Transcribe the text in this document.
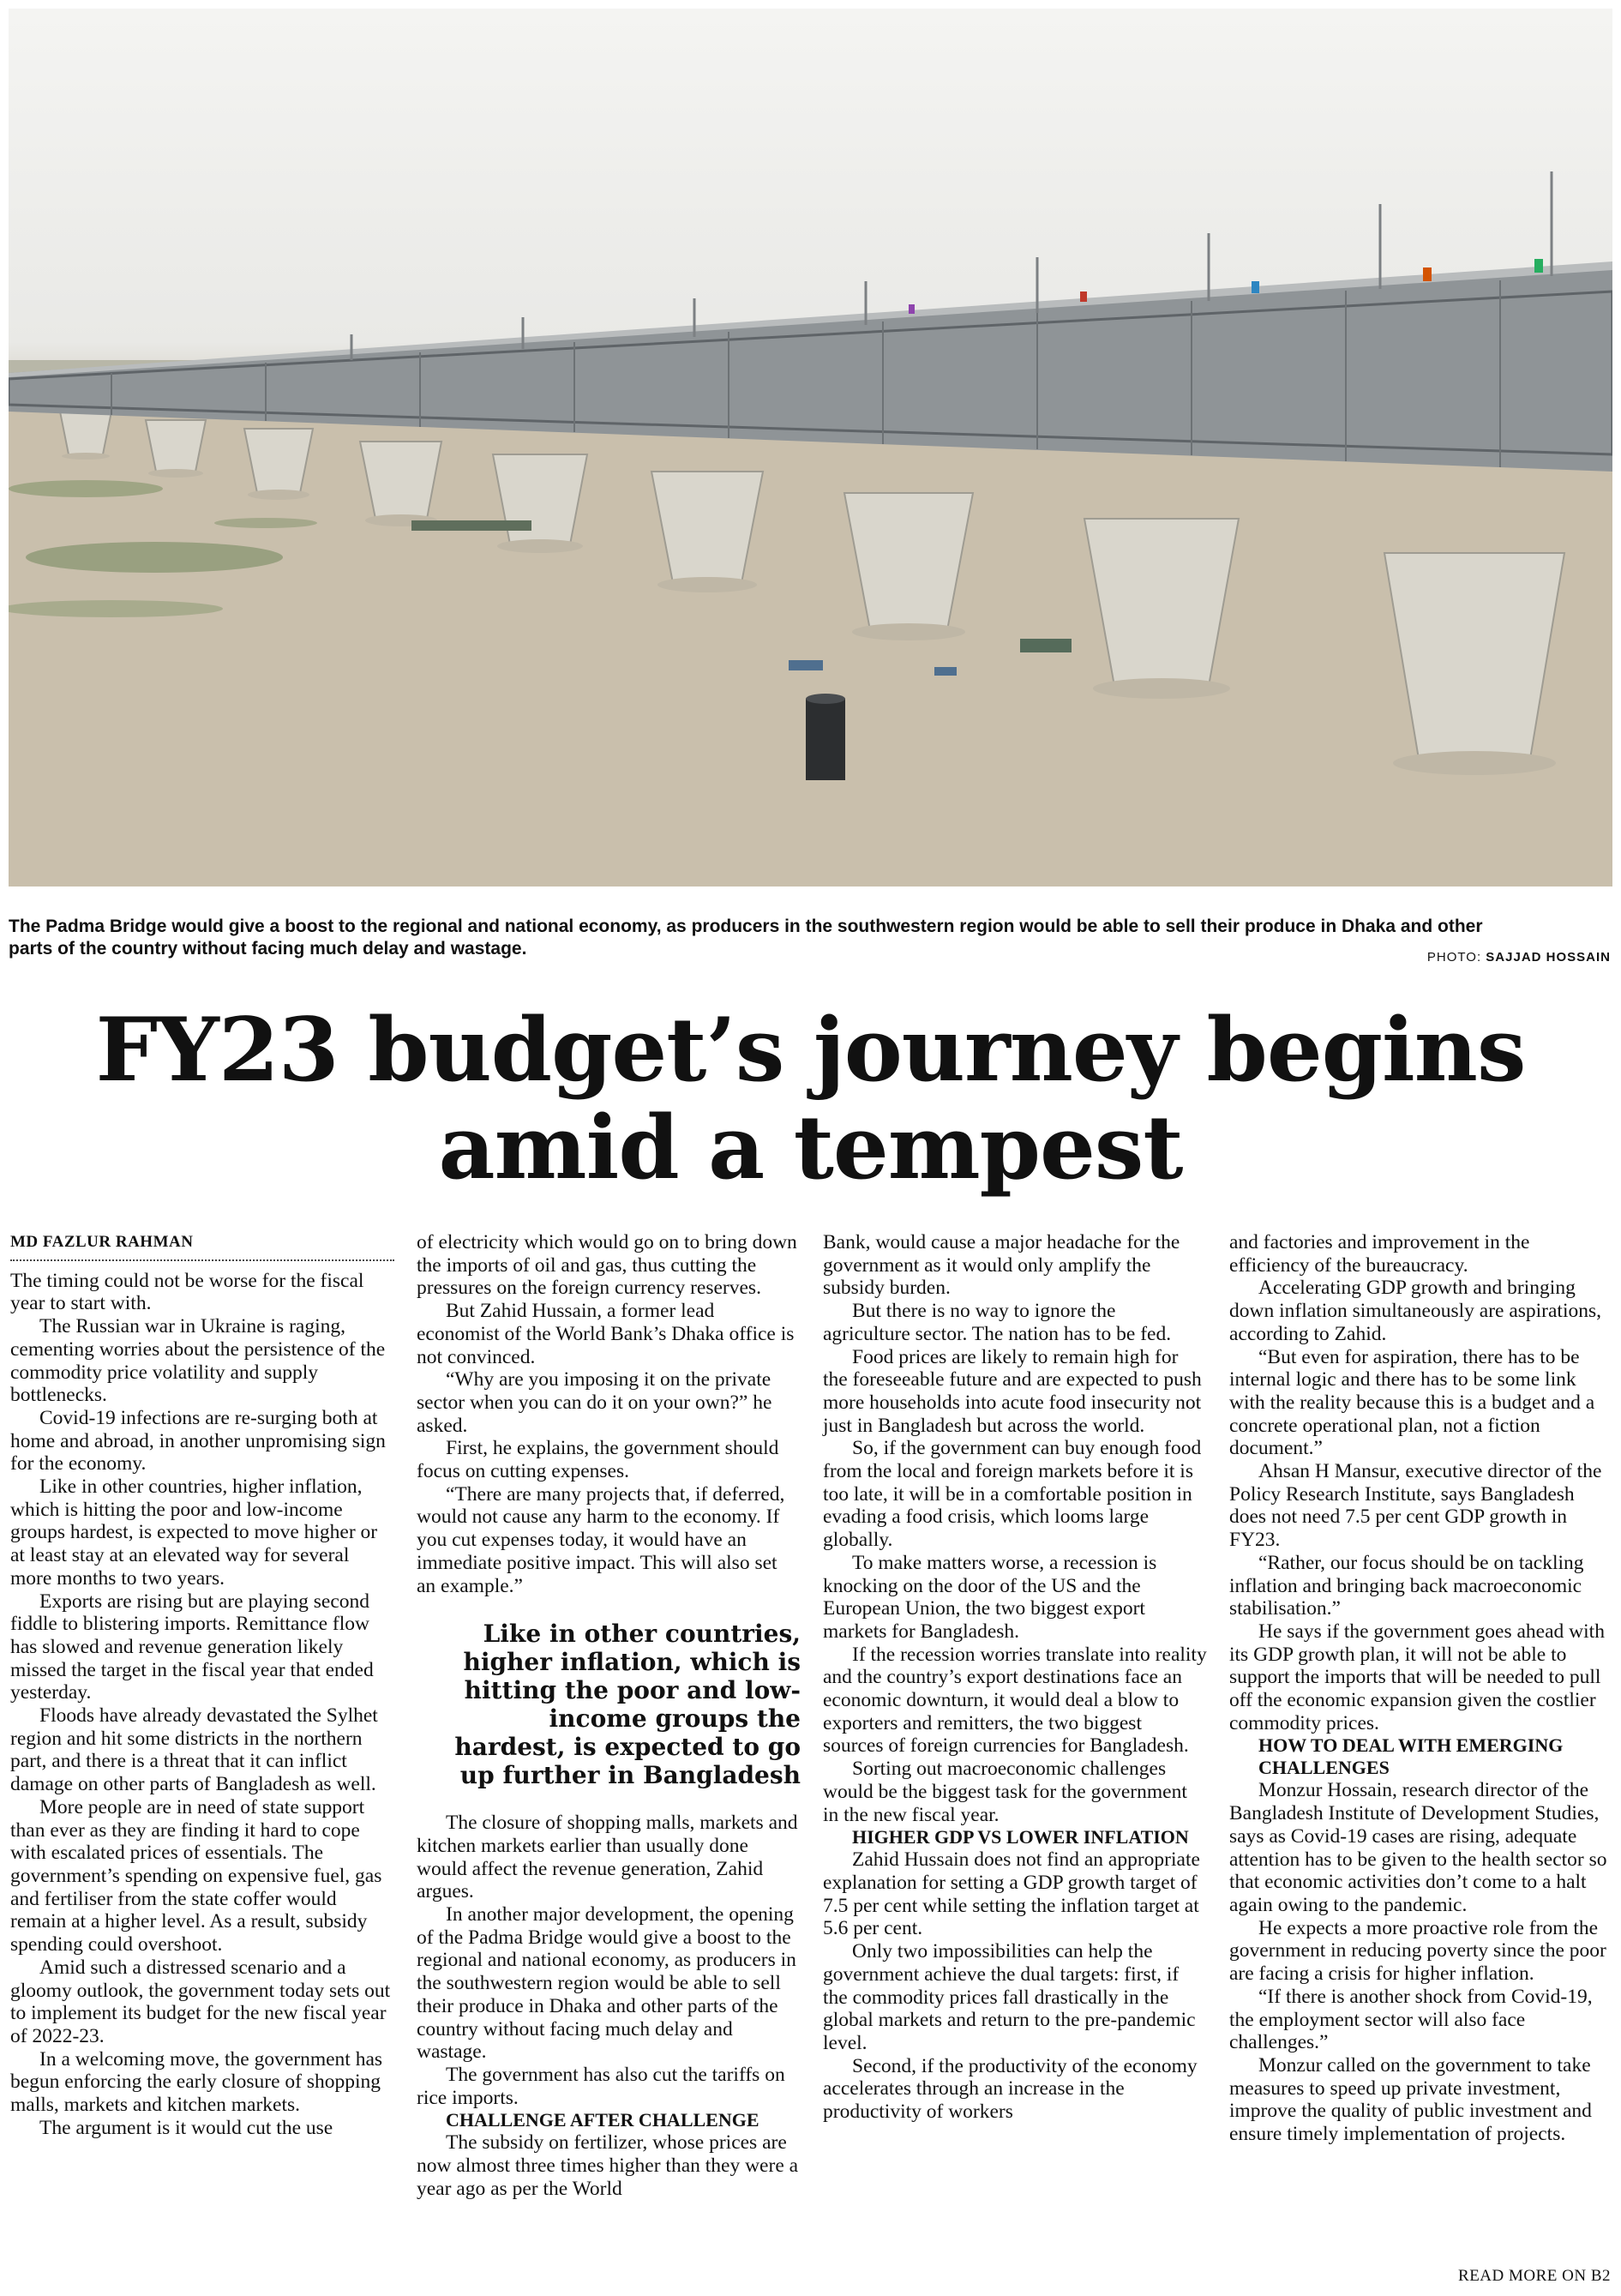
The Padma Bridge would give a boost to the regional and national economy, as producers in the southwestern region would be able to sell their produce in Dhaka and other parts of the country without facing much delay and wastage.	PHOTO: SAJJAD HOSSAIN
FY23 budget’s journey begins
amid a tempest

MD FAZLUR RAHMAN

The timing could not be worse for the fiscal year to start with.

The Russian war in Ukraine is raging, cementing worries about the persistence of the commodity price volatility and supply bottlenecks.

Covid-19 infections are re-surging both at home and abroad, in another unpromising sign for the economy.

Like in other countries, higher inflation, which is hitting the poor and low-income groups hardest, is expected to move higher or at least stay at an elevated way for several more months to two years.

Exports are rising but are playing second fiddle to blistering imports. Remittance flow has slowed and revenue generation likely missed the target in the fiscal year that ended yesterday.

Floods have already devastated the Sylhet region and hit some districts in the northern part, and there is a threat that it can inflict damage on other parts of Bangladesh as well.

More people are in need of state support than ever as they are finding it hard to cope with escalated prices of essentials. The government’s spending on expensive fuel, gas and fertiliser from the state coffer would remain at a higher level. As a result, subsidy spending could overshoot.

Amid such a distressed scenario and a gloomy outlook, the government today sets out to implement its budget for the new fiscal year of 2022-23.

In a welcoming move, the government has begun enforcing the early closure of shopping malls, markets and kitchen markets.

The argument is it would cut the use

of electricity which would go on to bring down the imports of oil and gas, thus cutting the pressures on the foreign currency reserves.

But Zahid Hussain, a former lead economist of the World Bank’s Dhaka office is not convinced.

“Why are you imposing it on the private sector when you can do it on your own?” he asked.

First, he explains, the government should focus on cutting expenses.

“There are many projects that, if deferred, would not cause any harm to the economy. If you cut expenses today, it would have an immediate positive impact. This will also set an example.”

Like in other countries, higher inflation, which is hitting the poor and low-income groups the hardest, is expected to go up further in Bangladesh

The closure of shopping malls, markets and kitchen markets earlier than usually done would affect the revenue generation, Zahid argues.

In another major development, the opening of the Padma Bridge would give a boost to the regional and national economy, as producers in the southwestern region would be able to sell their produce in Dhaka and other parts of the country without facing much delay and wastage.

The government has also cut the tariffs on rice imports.

CHALLENGE AFTER CHALLENGE

The subsidy on fertilizer, whose prices are now almost three times higher than they were a year ago as per the World

Bank, would cause a major headache for the government as it would only amplify the subsidy burden.

But there is no way to ignore the agriculture sector. The nation has to be fed.

Food prices are likely to remain high for the foreseeable future and are expected to push more households into acute food insecurity not just in Bangladesh but across the world.

So, if the government can buy enough food from the local and foreign markets before it is too late, it will be in a comfortable position in evading a food crisis, which looms large globally.

To make matters worse, a recession is knocking on the door of the US and the European Union, the two biggest export markets for Bangladesh.

If the recession worries translate into reality and the country’s export destinations face an economic downturn, it would deal a blow to exporters and remitters, the two biggest sources of foreign currencies for Bangladesh.

Sorting out macroeconomic challenges would be the biggest task for the government in the new fiscal year.

HIGHER GDP VS LOWER INFLATION

Zahid Hussain does not find an appropriate explanation for setting a GDP growth target of 7.5 per cent while setting the inflation target at 5.6 per cent.

Only two impossibilities can help the government achieve the dual targets: first, if the commodity prices fall drastically in the global markets and return to the pre-pandemic level.

Second, if the productivity of the economy accelerates through an increase in the productivity of workers

and factories and improvement in the efficiency of the bureaucracy.

Accelerating GDP growth and bringing down inflation simultaneously are aspirations, according to Zahid.

“But even for aspiration, there has to be internal logic and there has to be some link with the reality because this is a budget and a concrete operational plan, not a fiction document.”

Ahsan H Mansur, executive director of the Policy Research Institute, says Bangladesh does not need 7.5 per cent GDP growth in FY23.

“Rather, our focus should be on tackling inflation and bringing back macroeconomic stabilisation.”

He says if the government goes ahead with its GDP growth plan, it will not be able to support the imports that will be needed to pull off the economic expansion given the costlier commodity prices.

HOW TO DEAL WITH EMERGING CHALLENGES

Monzur Hossain, research director of the Bangladesh Institute of Development Studies, says as Covid-19 cases are rising, adequate attention has to be given to the health sector so that economic activities don’t come to a halt again owing to the pandemic.

He expects a more proactive role from the government in reducing poverty since the poor are facing a crisis for higher inflation.

“If there is another shock from Covid-19, the employment sector will also face challenges.”

Monzur called on the government to take measures to speed up private investment, improve the quality of public investment and ensure timely implementation of projects.

READ MORE ON B2
